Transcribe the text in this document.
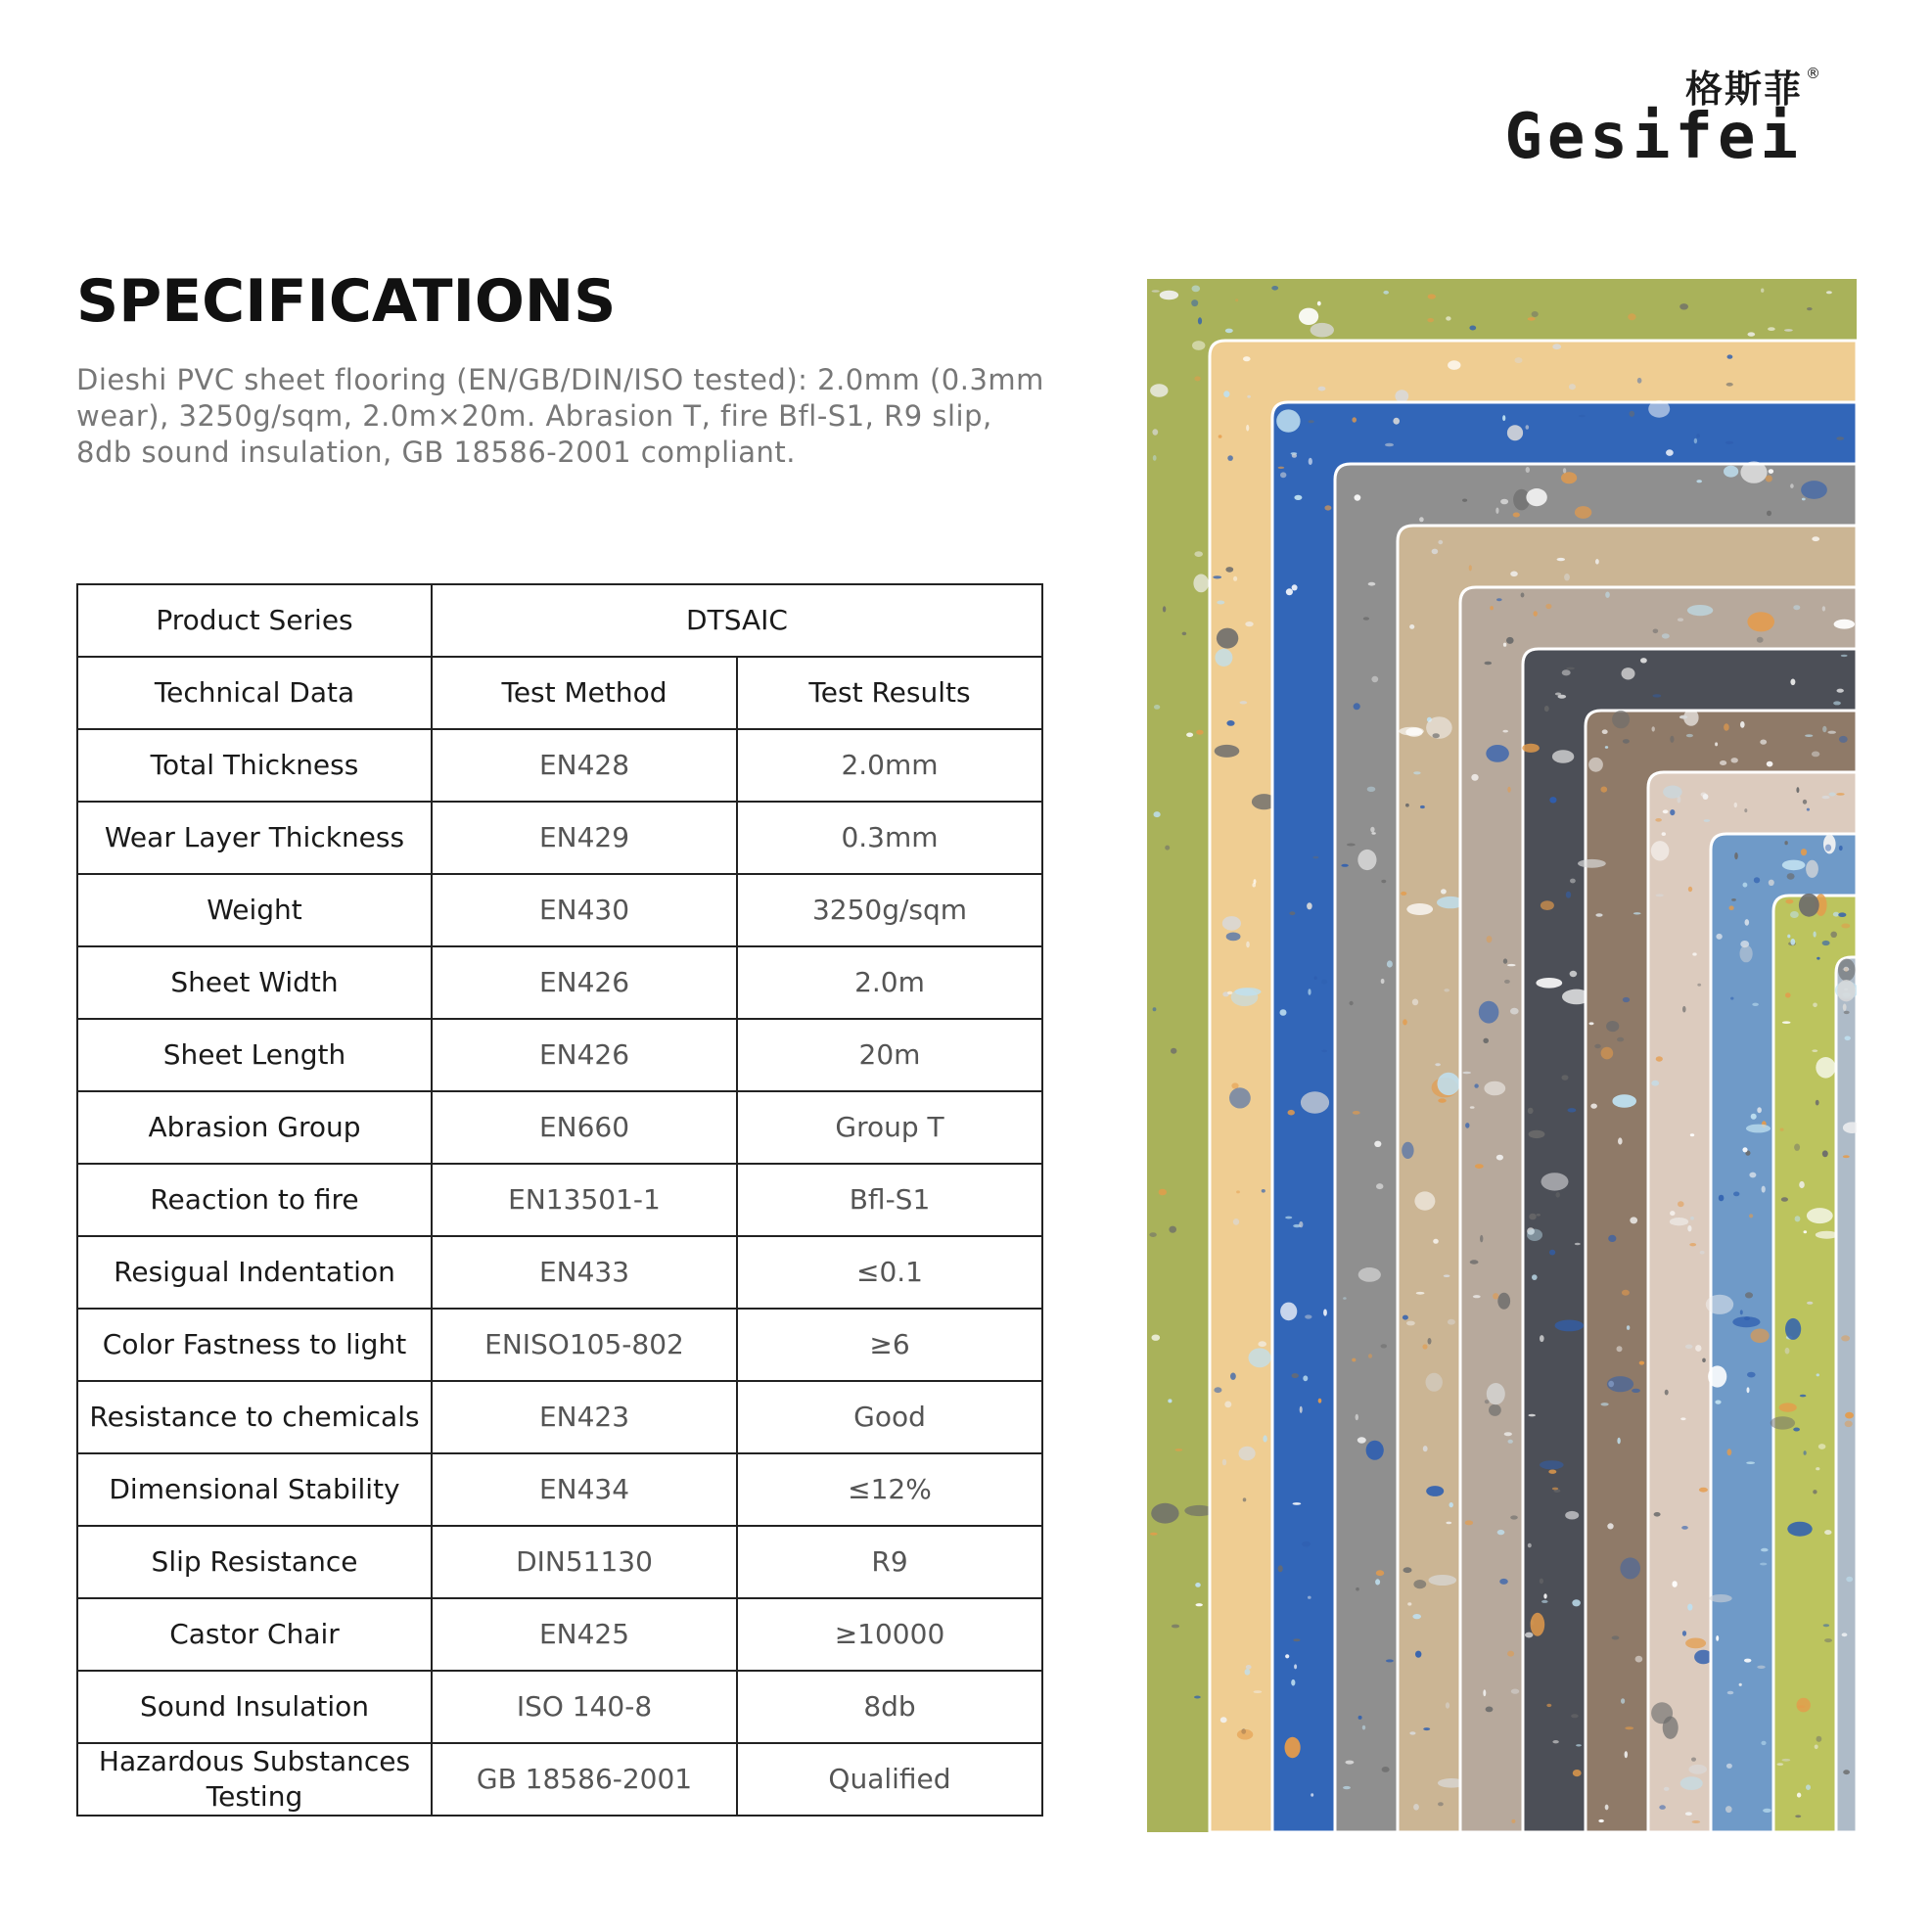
®
格斯菲
Gesifei
SPECIFICATIONS

Dieshi PVC sheet flooring (EN/GB/DIN/ISO tested): 2.0mm (0.3mm wear), 3250g/sqm, 2.0m×20m. Abrasion T, fire Bfl-S1, R9 slip, 8db sound insulation, GB 18586-2001 compliant.

Product Series	DTSAIC	
Technical Data	Test Method	Test Results
Total Thickness	EN428	2.0mm
Wear Layer Thickness	EN429	0.3mm
Weight	EN430	3250g/sqm
Sheet Width	EN426	2.0m
Sheet Length	EN426	20m
Abrasion Group	EN660	Group T
Reaction to fire	EN13501-1	Bfl-S1
Resigual Indentation	EN433	≤0.1
Color Fastness to light	ENISO105-802	≥6
Resistance to chemicals	EN423	Good
Dimensional Stability	EN434	≤12%
Slip Resistance	DIN51130	R9
Castor Chair	EN425	≥10000
Sound Insulation	ISO 140-8	8db
Hazardous Substances Testing	GB 18586-2001	Qualified
